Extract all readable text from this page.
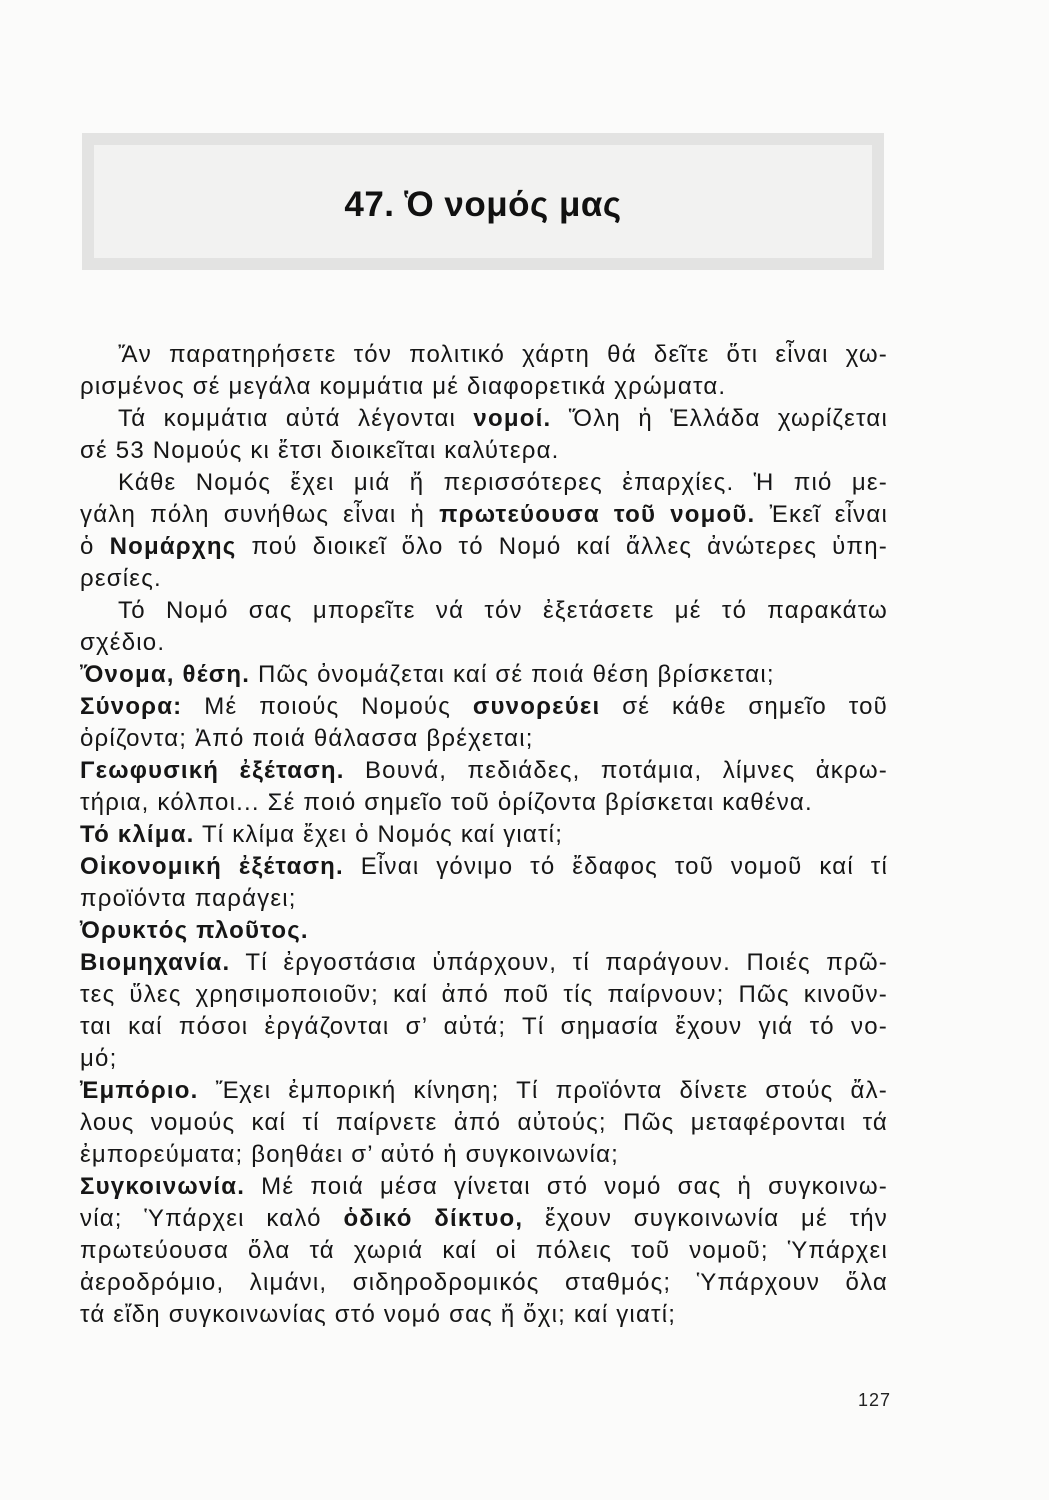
47. Ὁ νομός μας
Ἄν παρατηρήσετε τόν πολιτικό χάρτη θά δεῖτε ὅτι εἶναι χω-
ρισμένος σέ μεγάλα κομμάτια μέ διαφορετικά χρώματα.
Τά κομμάτια αὐτά λέγονται νομοί. Ὅλη ἡ Ἑλλάδα χωρίζεται
σέ 53 Νομούς κι ἔτσι διοικεῖται καλύτερα.
Κάθε Νομός ἔχει μιά ἤ περισσότερες ἐπαρχίες. Ἡ πιό με-
γάλη πόλη συνήθως εἶναι ἡ πρωτεύουσα τοῦ νομοῦ. Ἐκεῖ εἶναι
ὁ Νομάρχης πού διοικεῖ ὅλο τό Νομό καί ἄλλες ἀνώτερες ὑπη-
ρεσίες.
Τό Νομό σας μπορεῖτε νά τόν ἐξετάσετε μέ τό παρακάτω
σχέδιο.
Ὄνομα, θέση. Πῶς ὀνομάζεται καί σέ ποιά θέση βρίσκεται;
Σύνορα: Μέ ποιούς Νομούς συνορεύει σέ κάθε σημεῖο τοῦ
ὁρίζοντα; Ἀπό ποιά θάλασσα βρέχεται;
Γεωφυσική ἐξέταση. Βουνά, πεδιάδες, ποτάμια, λίμνες ἀκρω-
τήρια, κόλποι... Σέ ποιό σημεῖο τοῦ ὁρίζοντα βρίσκεται καθένα.
Τό κλίμα. Τί κλίμα ἔχει ὁ Νομός καί γιατί;
Οἰκονομική ἐξέταση. Εἶναι γόνιμο τό ἔδαφος τοῦ νομοῦ καί τί
προϊόντα παράγει;
Ὀρυκτός πλοῦτος.
Βιομηχανία. Τί ἐργοστάσια ὑπάρχουν, τί παράγουν. Ποιές πρῶ-
τες ὕλες χρησιμοποιοῦν; καί ἀπό ποῦ τίς παίρνουν; Πῶς κινοῦν-
ται καί πόσοι ἐργάζονται σ’ αὐτά; Τί σημασία ἔχουν γιά τό νο-
μό;
Ἐμπόριο. Ἔχει ἐμπορική κίνηση; Τί προϊόντα δίνετε στούς ἄλ-
λους νομούς καί τί παίρνετε ἀπό αὐτούς; Πῶς μεταφέρονται τά
ἐμπορεύματα; βοηθάει σ’ αὐτό ἡ συγκοινωνία;
Συγκοινωνία. Μέ ποιά μέσα γίνεται στό νομό σας ἡ συγκοινω-
νία; Ὑπάρχει καλό ὁδικό δίκτυο, ἔχουν συγκοινωνία μέ τήν
πρωτεύουσα ὅλα τά χωριά καί οἱ πόλεις τοῦ νομοῦ; Ὑπάρχει
ἀεροδρόμιο, λιμάνι, σιδηροδρομικός σταθμός; Ὑπάρχουν ὅλα
τά εἴδη συγκοινωνίας στό νομό σας ἤ ὄχι; καί γιατί;
127
